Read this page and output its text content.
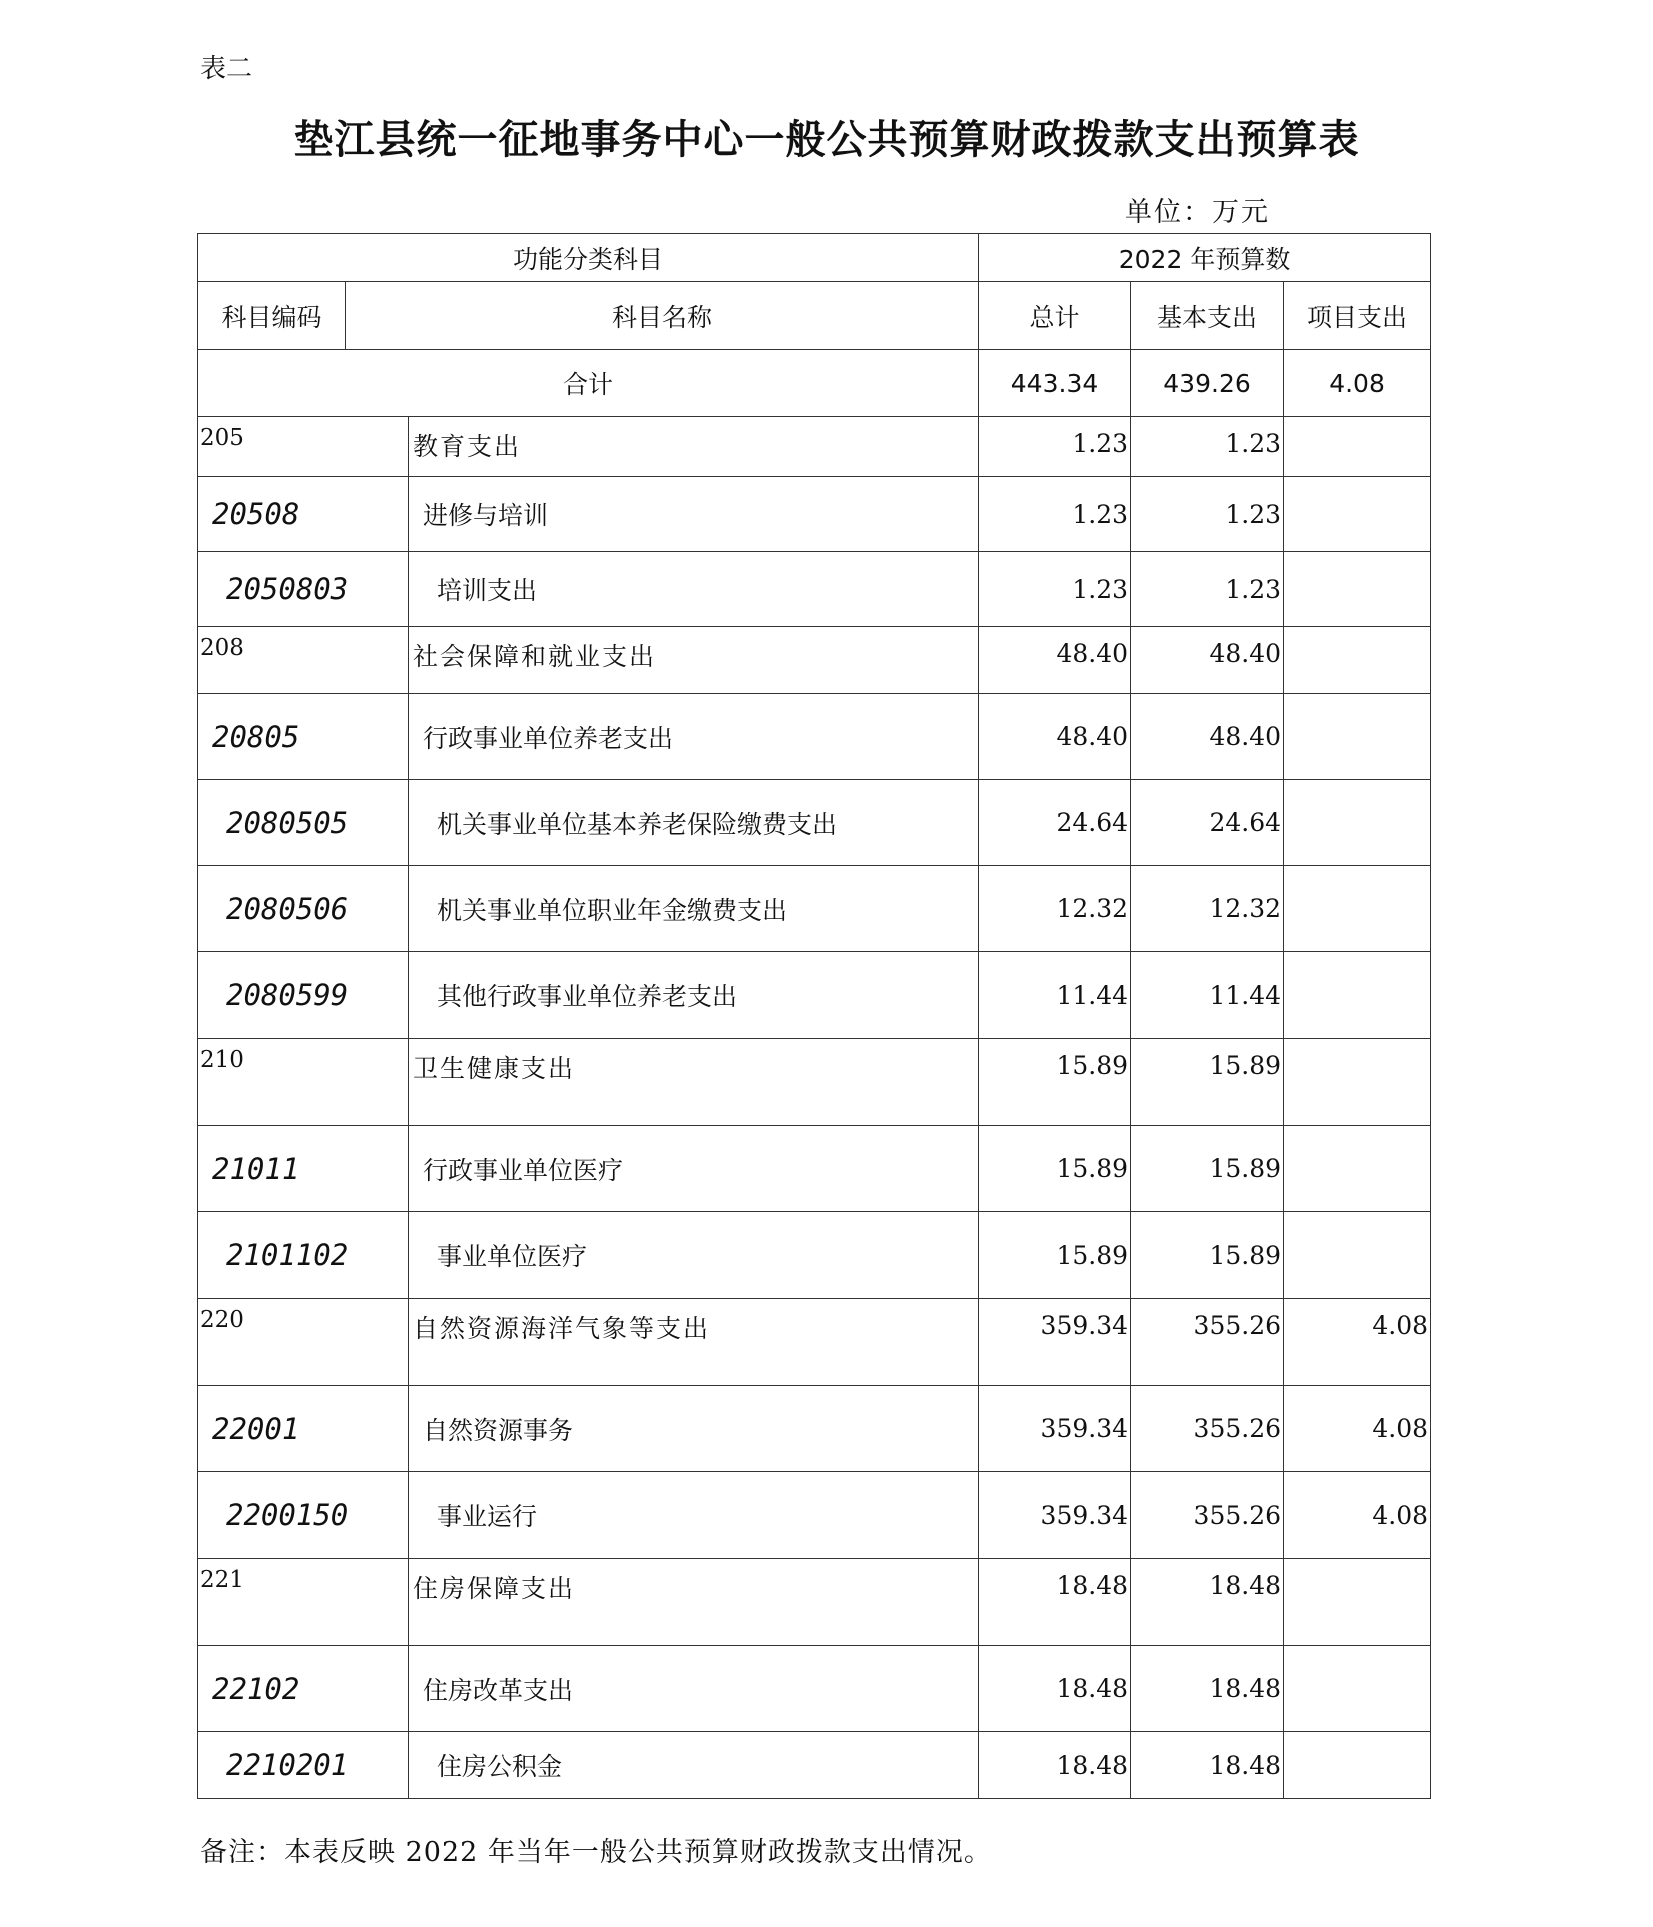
表二
垫江县统一征地事务中心一般公共预算财政拨款支出预算表
单位：万元
功能分类科目			2022 年预算数		
科目编码	科目名称		总计	基本支出	项目支出
合计			443.34	439.26	4.08
205		教育支出	1.23	1.23	
20508		进修与培训	1.23	1.23	
2050803		培训支出	1.23	1.23	
208		社会保障和就业支出	48.40	48.40	
20805		行政事业单位养老支出	48.40	48.40	
2080505		机关事业单位基本养老保险缴费支出	24.64	24.64	
2080506		机关事业单位职业年金缴费支出	12.32	12.32	
2080599		其他行政事业单位养老支出	11.44	11.44	
210		卫生健康支出	15.89	15.89	
21011		行政事业单位医疗	15.89	15.89	
2101102		事业单位医疗	15.89	15.89	
220		自然资源海洋气象等支出	359.34	355.26	4.08
22001		自然资源事务	359.34	355.26	4.08
2200150		事业运行	359.34	355.26	4.08
221		住房保障支出	18.48	18.48	
22102		住房改革支出	18.48	18.48	
2210201		住房公积金	18.48	18.48	
备注：本表反映 2022 年当年一般公共预算财政拨款支出情况。
